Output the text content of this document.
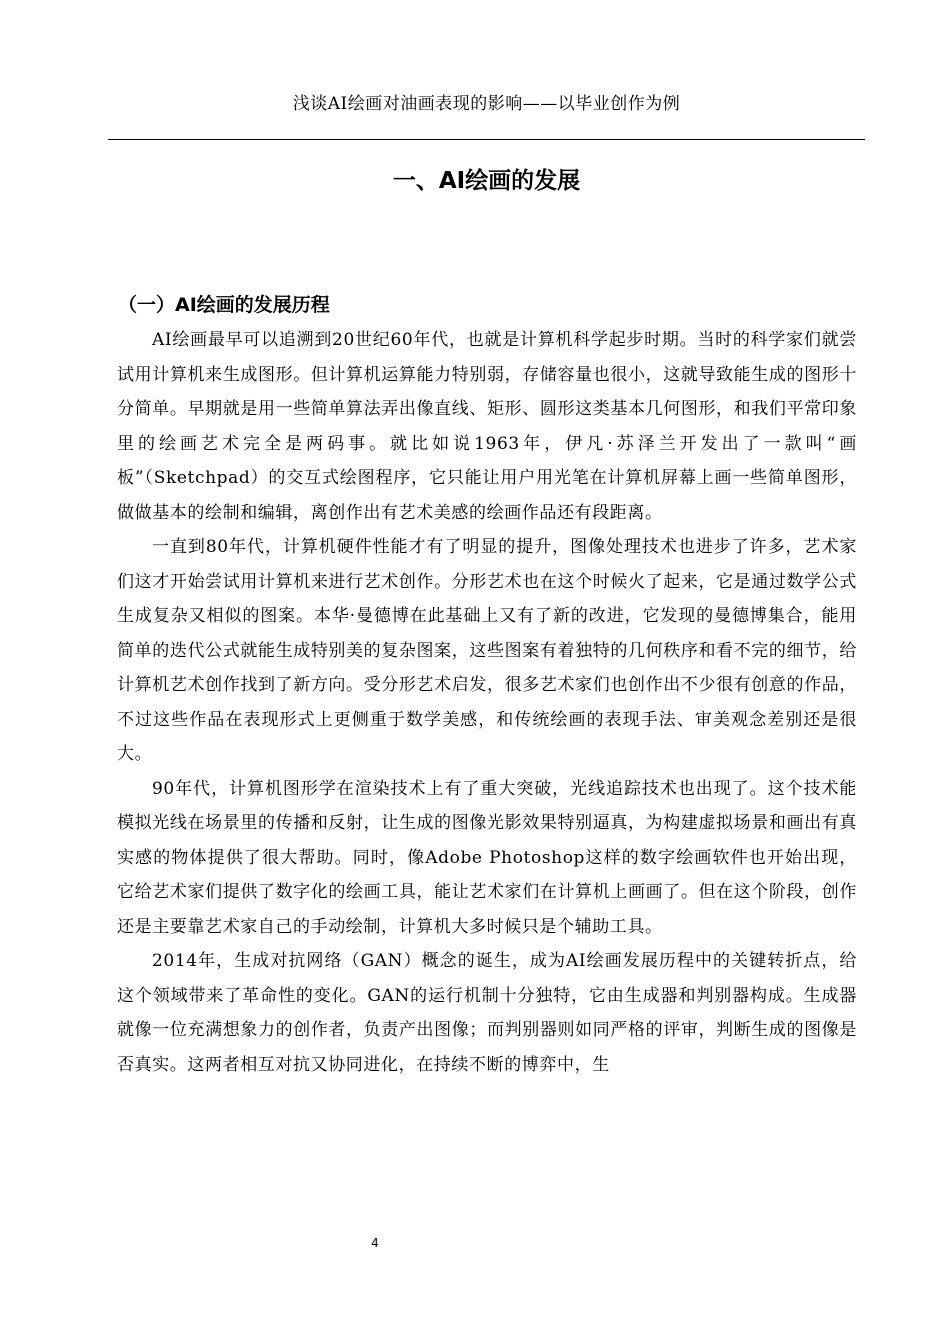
浅谈AI绘画对油画表现的影响——以毕业创作为例
一、AI绘画的发展
（一）AI绘画的发展历程

AI绘画最早可以追溯到20世纪60年代，也就是计算机科学起步时期。当时的科学家们就尝试用计算机来生成图形。但计算机运算能力特别弱，存储容量也很小，这就导致能生成的图形十分简单。早期就是用一些简单算法弄出像直线、矩形、圆形这类基本几何图形，和我们平常印象里的绘画艺术完全是两码事。就比如说1963年，伊凡·苏泽兰开发出了一款叫“画板”（Sketchpad）的交互式绘图程序，它只能让用户用光笔在计算机屏幕上画一些简单图形，做做基本的绘制和编辑，离创作出有艺术美感的绘画作品还有段距离。

一直到80年代，计算机硬件性能才有了明显的提升，图像处理技术也进步了许多，艺术家们这才开始尝试用计算机来进行艺术创作。分形艺术也在这个时候火了起来，它是通过数学公式生成复杂又相似的图案。本华·曼德博在此基础上又有了新的改进，它发现的曼德博集合，能用简单的迭代公式就能生成特别美的复杂图案，这些图案有着独特的几何秩序和看不完的细节，给计算机艺术创作找到了新方向。受分形艺术启发，很多艺术家们也创作出不少很有创意的作品，不过这些作品在表现形式上更侧重于数学美感，和传统绘画的表现手法、审美观念差别还是很大。

90年代，计算机图形学在渲染技术上有了重大突破，光线追踪技术也出现了。这个技术能模拟光线在场景里的传播和反射，让生成的图像光影效果特别逼真，为构建虚拟场景和画出有真实感的物体提供了很大帮助。同时，像Adobe Photoshop这样的数字绘画软件也开始出现，它给艺术家们提供了数字化的绘画工具，能让艺术家们在计算机上画画了。但在这个阶段，创作还是主要靠艺术家自己的手动绘制，计算机大多时候只是个辅助工具。

2014年，生成对抗网络（GAN）概念的诞生，成为AI绘画发展历程中的关键转折点，给这个领域带来了革命性的变化。GAN的运行机制十分独特，它由生成器和判别器构成。生成器就像一位充满想象力的创作者，负责产出图像；而判别器则如同严格的评审，判断生成的图像是否真实。这两者相互对抗又协同进化，在持续不断的博弈中，生

4
